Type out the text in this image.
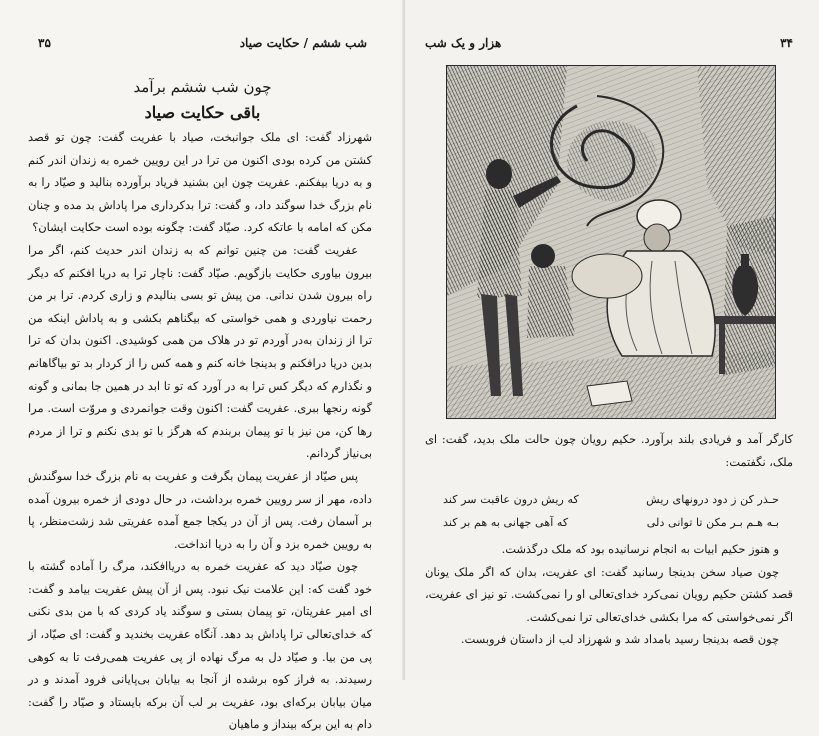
شب ششم / حکایت صیاد
۳۵
چون شب ششم برآمد
باقی حکایت صیاد

شهرزاد گفت: ای ملک جوانبخت، صیاد با عفریت گفت: چون تو قصد کشتن من کرده بودی اکنون من ترا در این رویین خمره به زندان اندر کنم و به دریا بیفکنم. عفریت چون این بشنید فریاد برآورده بنالید و صیّاد را به نام بزرگ خدا سوگند داد، و گفت: ترا بدکرداری مرا پاداش بد مده و چنان مکن که امامه با عاتکه کرد. صیّاد گفت: چگونه بوده است حکایت ایشان؟

عفریت گفت: من چنین توانم که به زندان اندر حدیث کنم، اگر مرا بیرون بیاوری حکایت بازگویم. صیّاد گفت: ناچار ترا به دریا افکنم که دیگر راه بیرون شدن ندانی. من پیش تو بسی بنالیدم و زاری کردم. ترا بر من رحمت نیاوردی و همی خواستی که بیگناهم بکشی و به پاداش اینکه من ترا از زندان به‌در آوردم تو در هلاک من همی کوشیدی. اکنون بدان که ترا بدین دریا درافکنم و بدینجا خانه کنم و همه کس را از کردار بد تو بیاگاهانم و نگذارم که دیگر کس ترا به در آورد که تو تا ابد در همین جا بمانی و گونه گونه رنجها ببری. عفریت گفت: اکنون وقت جوانمردی و مروّت است. مرا رها کن، من نیز با تو پیمان بربندم که هرگز با تو بدی نکنم و ترا از مردم بی‌نیاز گردانم.

پس صیّاد از عفریت پیمان بگرفت و عفریت به نام بزرگ خدا سوگندش داده، مهر از سر رویین خمره برداشت، در حال دودی از خمره بیرون آمده بر آسمان رفت. پس از آن در یکجا جمع آمده عفریتی شد زشت‌منظر، پا به رویین خمره بزد و آن را به دریا انداخت.

چون صیّاد دید که عفریت خمره به دریاافکند، مرگ را آماده گشته با خود گفت که: این علامت نیک نبود. پس از آن پیش عفریت بیامد و گفت: ای امیر عفریتان، تو پیمان بستی و سوگند یاد کردی که با من بدی نکنی که خدای‌تعالی ترا پاداش بد دهد. آنگاه عفریت بخندید و گفت: ای صیّاد، از پی من بیا. و صیّاد دل به مرگ نهاده از پی عفریت همی‌رفت تا به کوهی رسیدند. به فراز کوه برشده از آنجا به بیابان بی‌پایانی فرود آمدند و در میان بیابان برکه‌ای بود، عفریت بر لب آن برکه بایستاد و صیّاد را گفت: دام به این برکه بینداز و ماهیان

۳۴
هزار و یک شب
کارگر آمد و فریادی بلند برآورد. حکیم رویان چون حالت ملک بدید، گفت: ای ملک، نگفتمت:
حـذر کن ز دود درونهای ریش
که ریش درون عاقبت سر کند
بـه هـم بـر مکن تا توانی دلی
که آهی جهانی به هم بر کند

و هنوز حکیم ابیات به انجام نرسانیده بود که ملک درگذشت.

چون صیاد سخن بدینجا رسانید گفت: ای عفریت، بدان که اگر ملک یونان قصد کشتن حکیم رویان نمی‌کرد خدای‌تعالی او را نمی‌کشت. تو نیز ای عفریت، اگر نمی‌خواستی که مرا بکشی خدای‌تعالی ترا نمی‌کشت.

چون قصه بدینجا رسید بامداد شد و شهرزاد لب از داستان فروبست.
